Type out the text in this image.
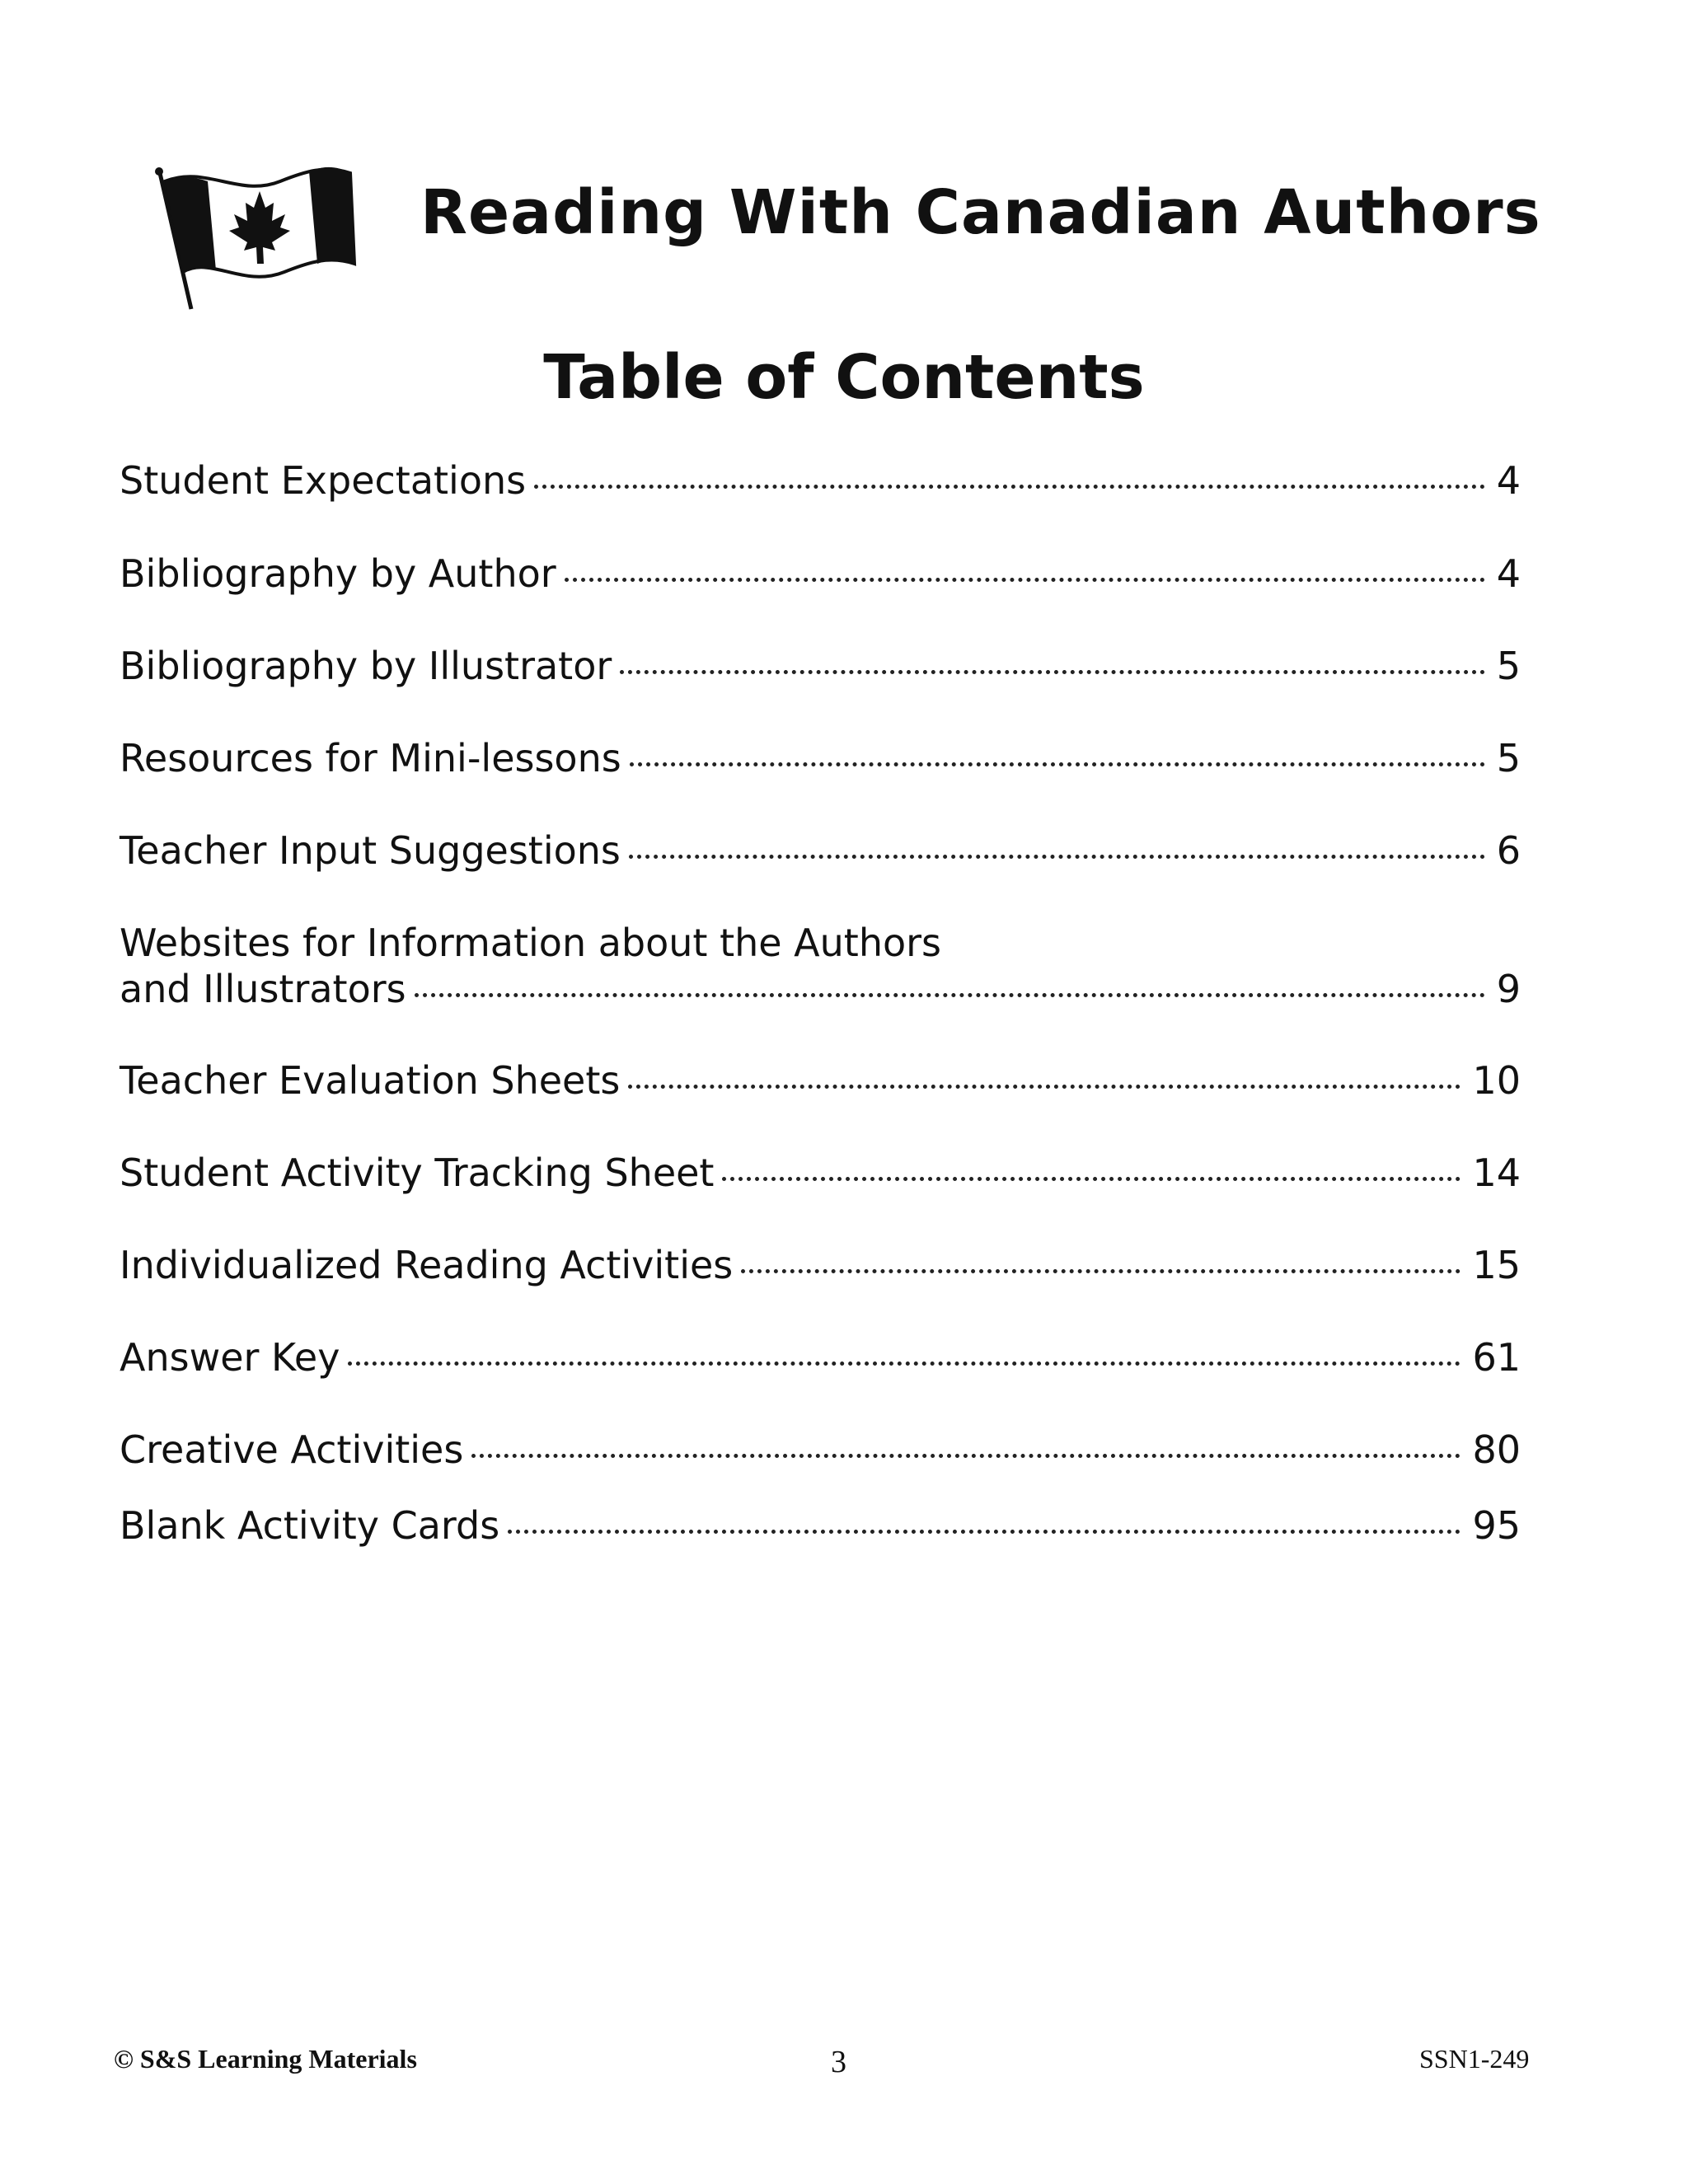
Reading With Canadian Authors
Table of Contents
Student Expectations	4
Bibliography by Author	4
Bibliography by Illustrator	5
Resources for Mini-lessons	5
Teacher Input Suggestions	6
Websites for Information about the Authors
and Illustrators	9
Teacher Evaluation Sheets	10
Student Activity Tracking Sheet	14
Individualized Reading Activities	15
Answer Key	61
Creative Activities	80
Blank Activity Cards	95
© S&S Learning Materials	3	SSN1-249
